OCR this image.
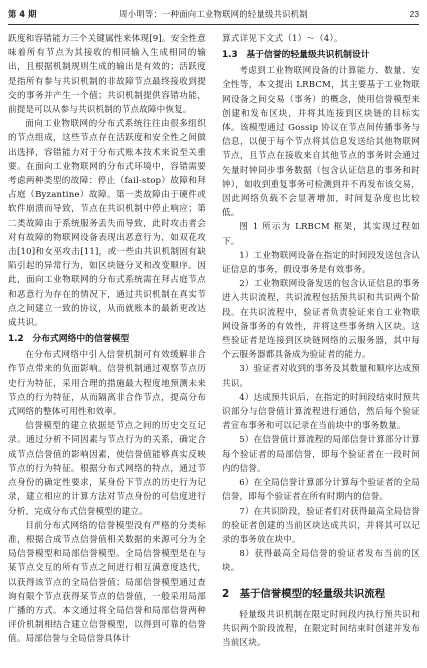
第 4 期	周小明等：一种面向工业物联网的轻量级共识机制	23

跃度和容错能力三个关键属性来体现[9]。安全性意味着所有节点为其接收的相同输入生成相同的输出，且根据机制规则生成的输出是有效的；活跃度是指所有参与共识机制的非故障节点最终接收到提交的事务并产生一个值；共识机制提供容错功能，前提是可以从参与共识机制的节点故障中恢复。

面向工业物联网的分布式系统往往由很多组织的节点组成，这些节点存在活跃度和安全性之间做出选择，容错能力对于分布式账本技术来说至关重要。在面向工业物联网的分布式环境中，容错需要考虑两种类型的故障：停止（fail-stop）故障和拜占庭（Byzantine）故障。第一类故障由于硬件或软件崩溃而导致，节点在共识机制中停止响应；第二类故障由于系统服务丢失而导致，此时攻击者会对有故障的物联网设备表现出恶意行为，如双花攻击[10]和女巫攻击[11]，或一些由共识机制固有缺陷引起的异常行为，如区块链分叉和改变顺序。因此，面向工业物联网的分布式系统需在拜占庭节点和恶意行为存在的情况下，通过共识机制在真实节点之间建立一致的协议，从而就账本的最新更改达成共识。

1.2　分布式网络中的信誉模型

在分布式网络中引入信誉机制可有效缓解非合作节点带来的负面影响。信誉机制通过观察节点历史行为特征，采用合理的措施最大程度地预测未来节点的行为特征，从而隔离非合作节点，提高分布式网络的整体可用性和效率。

信誉模型的建立依据是节点之间的历史交互记录。通过分析不同因素与节点行为的关系，确定合成节点信誉值的影响因素，使信誉值能够真实反映节点的行为特征。根据分布式网络的特点，通过节点身份的确定性要求，某身份下节点的历史行为记录，建立相应的计算方法对节点身份的可信度进行分析，完成分布式信誉模型的建立。

目前分布式网络的信誉模型没有严格的分类标准，根据合成节点信誉值相关数据的来源可分为全局信誉模型和局部信誉模型。全局信誉模型是在与某节点交互的所有节点之间进行相互满意度迭代，以获得该节点的全局信誉值；局部信誉模型通过查询有限个节点获得某节点的信誉值，一般采用局部广播的方式。本文通过将全局信誉和局部信誉两种评价机制相结合建立信誉模型，以得到可靠的信誉值。局部信誉与全局信誉具体计

算式详见下文式（1）～（4）。

1.3　基于信誉的轻量级共识机制设计

考虑到工业物联网设备的计算能力、数量、安全性等，本文提出 LRBCM，其主要基于工业物联网设备之间交易（事务）的概念，使用信誉模型来创建和发布区块，并将其连接到区块链的目标实体。该模型通过 Gossip 协议在节点间传播事务与信息，以便于每个节点将其信息发送给其他物联网节点，且节点在接收来自其他节点的事务时会通过矢量时钟同步事务数据（包含认证信息的事务和时钟），如收到重复事务可检测到并不再发布该交易，因此网络负载不会显著增加，时间复杂度也比较低。

图 1 所示为 LRBCM 框架，其实现过程如下。

1）工业物联网设备在指定的时间段发送包含认证信息的事务，假设事务是有效事务。

2）工业物联网设备发送的包含认证信息的事务进入共识流程，共识流程包括预共识和共识两个阶段。在共识流程中，验证者负责验证来自工业物联网设备事务的有效性，并将这些事务纳入区块。这些验证者是连接到区块链网络的云服务器，其中每个云服务器都具备成为验证者的能力。

3）验证者对收到的事务及其数量和顺序达成预共识。

4）达成预共识后，在指定的时间段结束时预共识部分与信誉值计算流程进行通信，然后每个验证者宣布事务和可以记录在当前块中的事务数量。

5）在信誉值计算流程的局部信誉计算部分计算每个验证者的局部信誉，即每个验证者在一段时间内的信誉。

6）在全局信誉计算部分计算每个验证者的全局信誉，即每个验证者在所有时期内的信誉。

7）在共识阶段，验证者们对获得最高全局信誉的验证者创建的当前区块达成共识，并将其可以记录的事务放在块中。

8）获得最高全局信誉的验证者发布当前的区块。

2　基于信誉模型的轻量级共识流程

轻量级共识机制在限定时间段内执行预共识和共识两个阶段流程，在限定时间结束时创建并发布当前区块。
